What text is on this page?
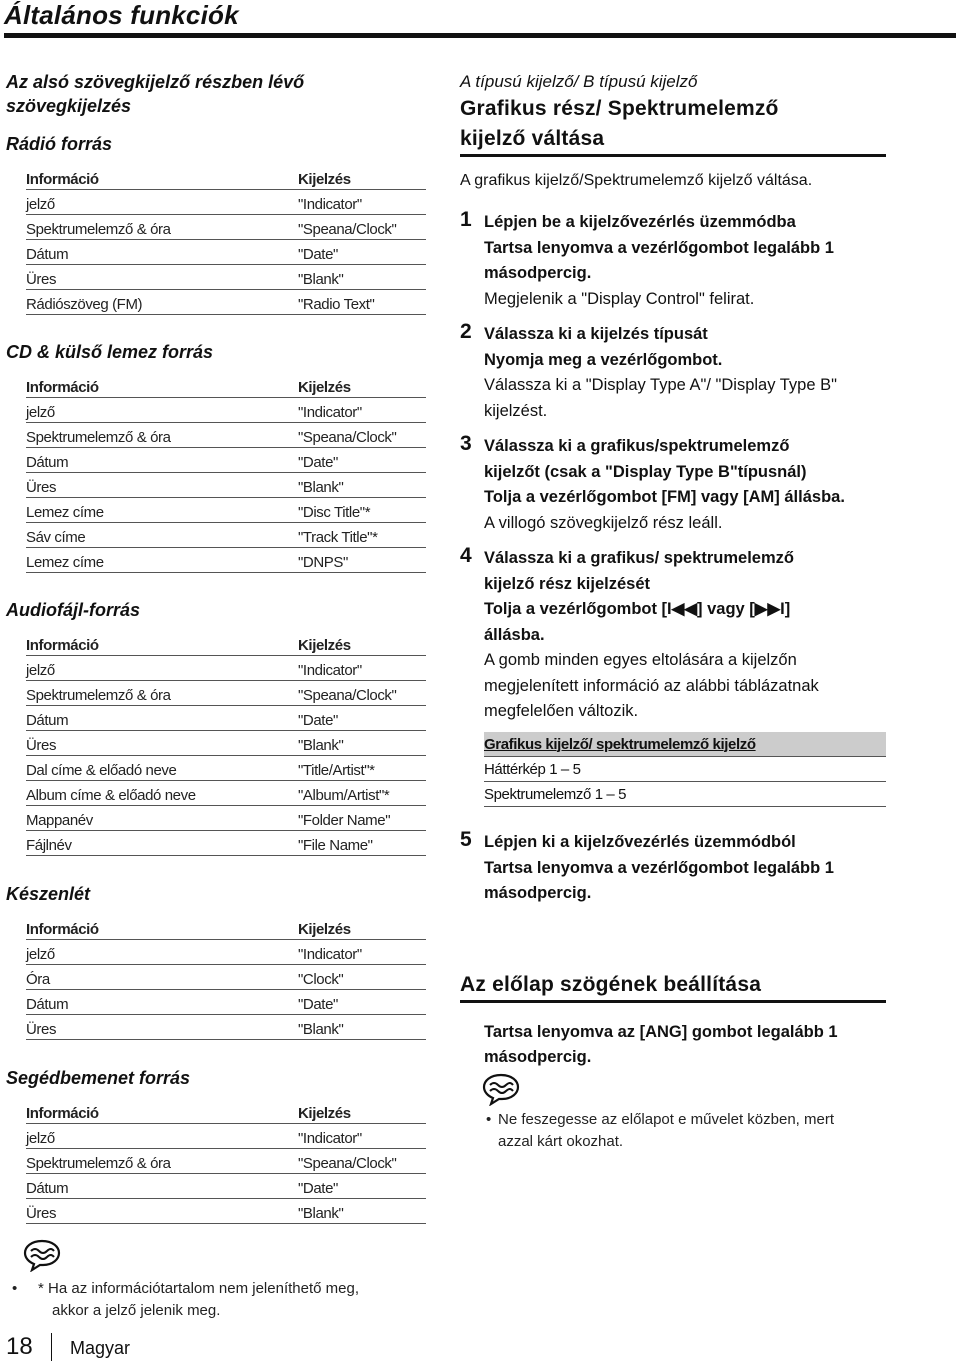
Általános funkciók
Az alsó szövegkijelző részben lévő
szövegkijelzés
Rádió forrás
Információ	Kijelzés
jelző	"Indicator"
Spektrumelemző & óra	"Speana/Clock"
Dátum	"Date"
Üres	"Blank"
Rádiószöveg (FM)	"Radio Text"
CD & külső lemez forrás
Információ	Kijelzés
jelző	"Indicator"
Spektrumelemző & óra	"Speana/Clock"
Dátum	"Date"
Üres	"Blank"
Lemez címe	"Disc Title"*
Sáv címe	"Track Title"*
Lemez címe	"DNPS"
Audiofájl-forrás
Információ	Kijelzés
jelző	"Indicator"
Spektrumelemző & óra	"Speana/Clock"
Dátum	"Date"
Üres	"Blank"
Dal címe & előadó neve	"Title/Artist"*
Album címe & előadó neve	"Album/Artist"*
Mappanév	"Folder Name"
Fájlnév	"File Name"
Készenlét
Információ	Kijelzés
jelző	"Indicator"
Óra	"Clock"
Dátum	"Date"
Üres	"Blank"
Segédbemenet forrás
Információ	Kijelzés
jelző	"Indicator"
Spektrumelemző & óra	"Speana/Clock"
Dátum	"Date"
Üres	"Blank"
• * Ha az információtartalom nem jeleníthető meg,
akkor a jelző jelenik meg.
18 Magyar
A típusú kijelző/ B típusú kijelző
Grafikus rész/ Spektrumelemző
kijelző váltása
A grafikus kijelző/Spektrumelemző kijelző váltása.
1 Lépjen be a kijelzővezérlés üzemmódba
Tartsa lenyomva a vezérlőgombot legalább 1
másodpercig.
Megjelenik a "Display Control" felirat.
2 Válassza ki a kijelzés típusát
Nyomja meg a vezérlőgombot.
Válassza ki a "Display Type A"/ "Display Type B"
kijelzést.
3 Válassza ki a grafikus/spektrumelemző
kijelzőt (csak a "Display Type B"típusnál)
Tolja a vezérlőgombot [FM] vagy [AM] állásba.
A villogó szövegkijelző rész leáll.
4 Válassza ki a grafikus/ spektrumelemző
kijelző rész kijelzését
Tolja a vezérlőgombot [I◀◀] vagy [▶▶I]
állásba.
A gomb minden egyes eltolására a kijelzőn
megjelenített információ az alábbi táblázatnak
megfelelően változik.
5 Lépjen ki a kijelzővezérlés üzemmódból
Tartsa lenyomva a vezérlőgombot legalább 1
másodpercig.
Grafikus kijelző/ spektrumelemző kijelző
Háttérkép 1 – 5
Spektrumelemző 1 – 5
Az előlap szögének beállítása
Tartsa lenyomva az [ANG] gombot legalább 1
másodpercig.
• Ne feszegesse az előlapot e művelet közben, mert
azzal kárt okozhat.
